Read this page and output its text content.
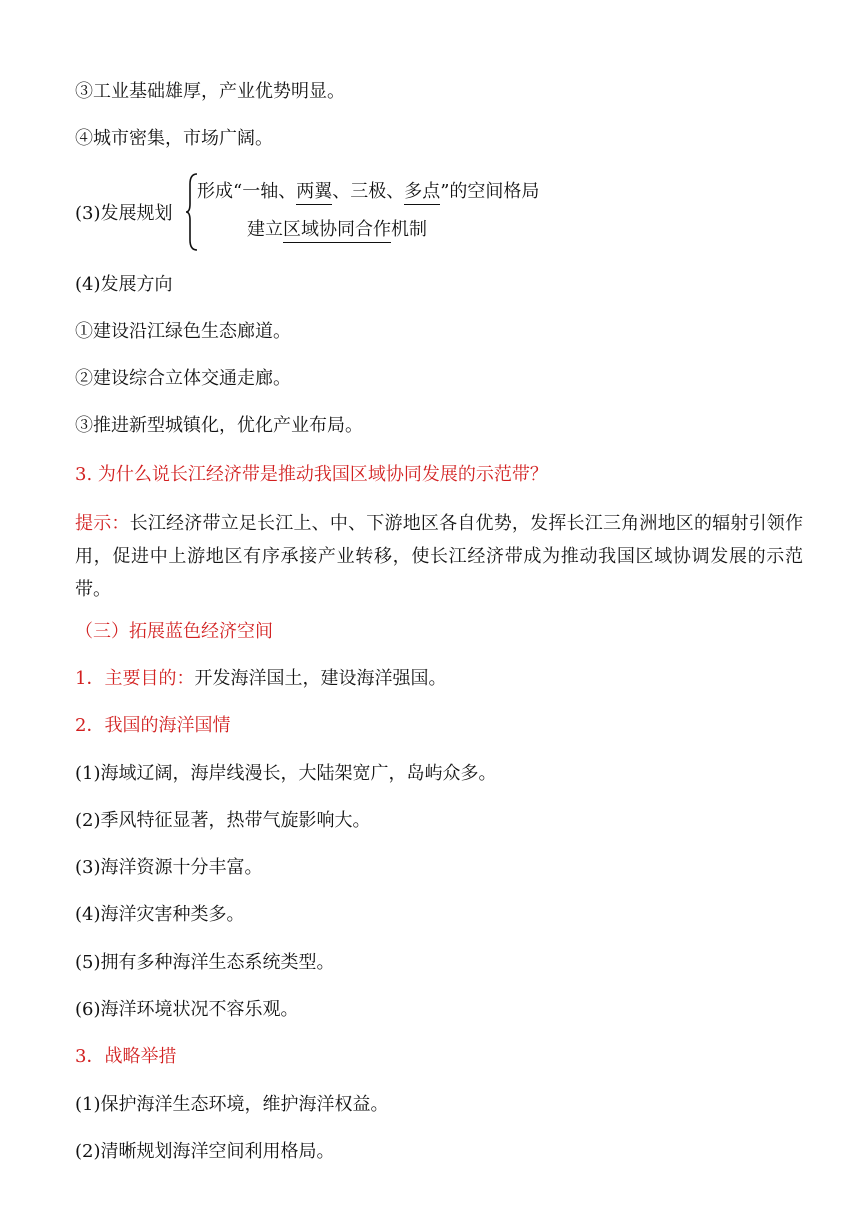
③工业基础雄厚，产业优势明显。
④城市密集，市场广阔。
(3)发展规划
形成“一轴、两翼、三极、多点”的空间格局
建立区域协同合作机制
(4)发展方向
①建设沿江绿色生态廊道。
②建设综合立体交通走廊。
③推进新型城镇化，优化产业布局。
3. 为什么说长江经济带是推动我国区域协同发展的示范带？
提示：长江经济带立足长江上、中、下游地区各自优势，发挥长江三角洲地区的辐射引领作用，促进中上游地区有序承接产业转移，使长江经济带成为推动我国区域协调发展的示范带。
（三）拓展蓝色经济空间
1．主要目的：开发海洋国土，建设海洋强国。
2．我国的海洋国情
(1)海域辽阔，海岸线漫长，大陆架宽广，岛屿众多。
(2)季风特征显著，热带气旋影响大。
(3)海洋资源十分丰富。
(4)海洋灾害种类多。
(5)拥有多种海洋生态系统类型。
(6)海洋环境状况不容乐观。
3．战略举措
(1)保护海洋生态环境，维护海洋权益。
(2)清晰规划海洋空间利用格局。
